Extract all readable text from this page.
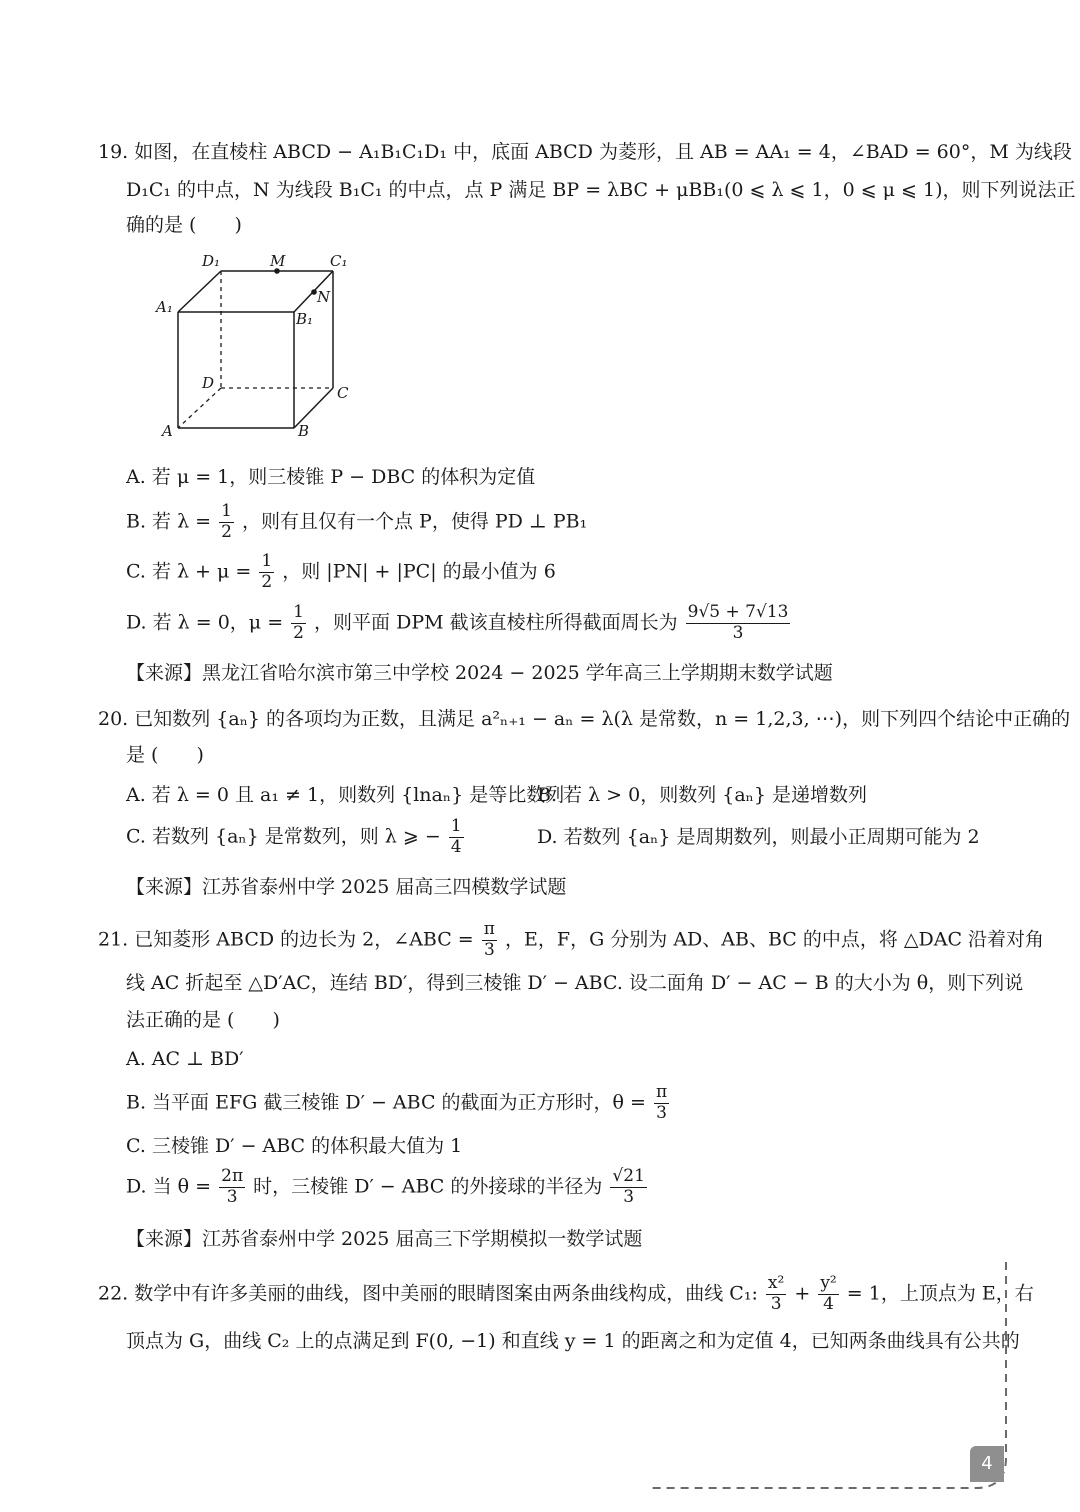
19. 如图，在直棱柱 ABCD − A₁B₁C₁D₁ 中，底面 ABCD 为菱形，且 AB = AA₁ = 4，∠BAD = 60°，M 为线段
D₁C₁ 的中点，N 为线段 B₁C₁ 的中点，点 P 满足 BP = λBC + μBB₁(0 ⩽ λ ⩽ 1，0 ⩽ μ ⩽ 1)，则下列说法正
确的是 (　　)
D₁	M	C₁
N
A₁
B₁
D
C
A	B
A. 若 μ = 1，则三棱锥 P − DBC 的体积为定值
B. 若 $\lambda = \frac{1}{2}$ ，则有且仅有一个点 P，使得 PD ⊥ PB₁
C. 若 $\lambda + \mu = \frac{1}{2}$ ，则 |PN| + |PC| 的最小值为 6
D. 若 λ = 0，$\mu = \frac{1}{2}$ ，则平面 DPM 截该直棱柱所得截面周长为 $\frac{9√5 + 7√13}{3}$
【来源】黑龙江省哈尔滨市第三中学校 2024 − 2025 学年高三上学期期末数学试题
20. 已知数列 {aₙ} 的各项均为正数，且满足 a²ₙ₊₁ − aₙ = λ(λ 是常数，n = 1,2,3, ⋯)，则下列四个结论中正确的
是 (　　)
A. 若 λ = 0 且 a₁ ≠ 1，则数列 {lnaₙ} 是等比数列
B. 若 λ > 0，则数列 {aₙ} 是递增数列
C. 若数列 {aₙ} 是常数列，则 λ ⩾ − $\frac{1}{4}$	D. 若数列 {aₙ} 是周期数列，则最小正周期可能为 2
【来源】江苏省泰州中学 2025 届高三四模数学试题
21. 已知菱形 ABCD 的边长为 2，∠ABC = $\frac{\pi}{3}$ ，E，F，G 分别为 AD、AB、BC 的中点，将 △DAC 沿着对角
线 AC 折起至 △D′AC，连结 BD′，得到三棱锥 D′ − ABC. 设二面角 D′ − AC − B 的大小为 θ，则下列说
法正确的是 (　　)
A. AC ⊥ BD′
B. 当平面 EFG 截三棱锥 D′ − ABC 的截面为正方形时，$\theta = \frac{\pi}{3}$
C. 三棱锥 D′ − ABC 的体积最大值为 1
D. 当 $\theta = \frac{2\pi}{3}$ 时，三棱锥 D′ − ABC 的外接球的半径为 $\frac{√21}{3}$
【来源】江苏省泰州中学 2025 届高三下学期模拟一数学试题
22. 数学中有许多美丽的曲线，图中美丽的眼睛图案由两条曲线构成，曲线 C₁: $\frac{\text{x²}}{3} + \frac{\text{y²}}{4} = 1$，上顶点为 E，右
顶点为 G，曲线 C₂ 上的点满足到 F(0, −1) 和直线 y = 1 的距离之和为定值 4，已知两条曲线具有公共的
4
